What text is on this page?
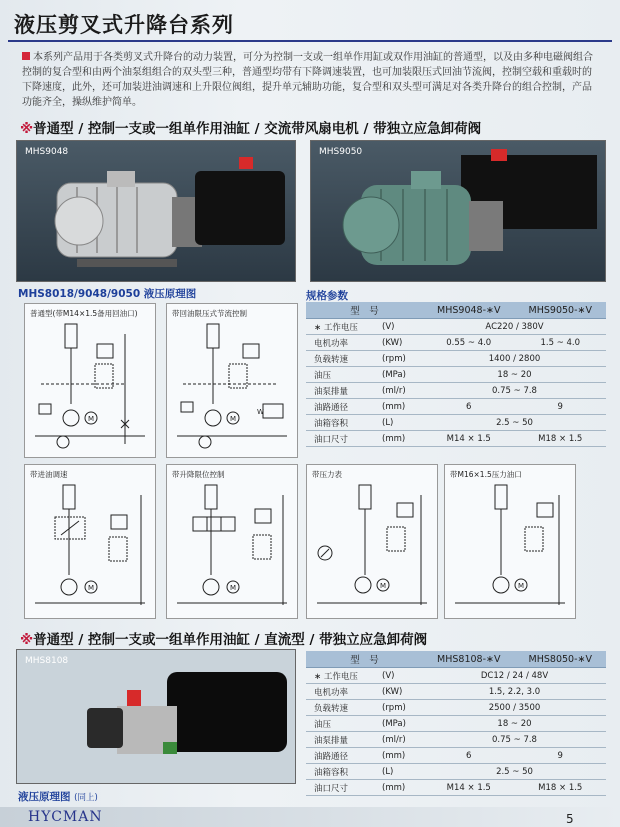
液压剪叉式升降台系列
本系列产品用于各类剪叉式升降台的动力装置，可分为控制一支或一组单作用缸或双作用油缸的普通型，以及由多种电磁阀组合控制的复合型和由两个油泵组组合的双头型三种，普通型均带有下降调速装置，也可加装限压式回油节流阀，控制空载和重载时的下降速度，此外，还可加装进油调速和上升限位阀组，提升单元辅助功能，复合型和双头型可满足对各类升降台的组合控制，产品功能齐全，操纵维护简单。
※普通型 / 控制一支或一组单作用油缸 / 交流带风扇电机 / 带独立应急卸荷阀
MHS9048	MHS9050
MHS8018/9048/9050 液压原理图	规格参数
普通型(带M14×1.5备用回油口)
M
带回油限压式节流控制
M
W
带进油调速
M
带升降限位控制
M
带压力表
M
带M16×1.5压力油口
M
型　号		MHS9048-∗V	MHS9050-∗V
∗ 工作电压	(V)	AC220 / 380V	
电机功率	(KW)	0.55 ~ 4.0	1.5 ~ 4.0
负载转速	(rpm)	1400 / 2800	
油压	(MPa)	18 ~ 20	
油泵排量	(ml/r)	0.75 ~ 7.8	
油路通径	(mm)	6	9
油箱容积	(L)	2.5 ~ 50	
油口尺寸	(mm)	M14 × 1.5	M18 × 1.5
※普通型 / 控制一支或一组单作用油缸 / 直流型 / 带独立应急卸荷阀
MHS8108
液压原理图 (同上)
型　号		MHS8108-∗V	MHS8050-∗V
∗ 工作电压	(V)	DC12 / 24 / 48V	
电机功率	(KW)	1.5, 2.2, 3.0	
负载转速	(rpm)	2500 / 3500	
油压	(MPa)	18 ~ 20	
油泵排量	(ml/r)	0.75 ~ 7.8	
油路通径	(mm)	6	9
油箱容积	(L)	2.5 ~ 50	
油口尺寸	(mm)	M14 × 1.5	M18 × 1.5
HYCMAN	5
